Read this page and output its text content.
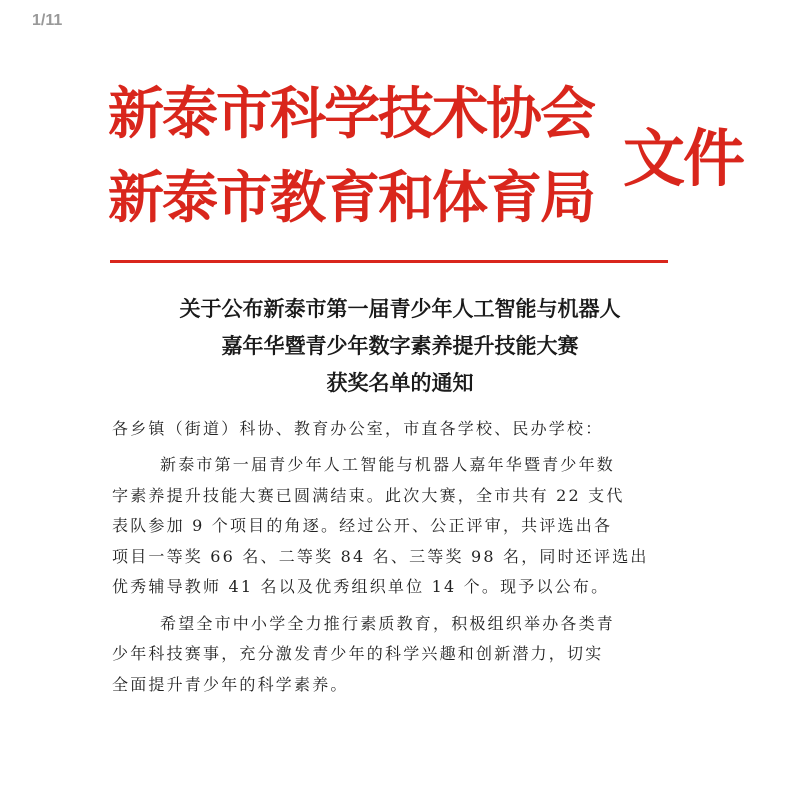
1/11
新泰市科学技术协会
新泰市教育和体育局
文件
关于公布新泰市第一届青少年人工智能与机器人
嘉年华暨青少年数字素养提升技能大赛
获奖名单的通知
各乡镇（街道）科协、教育办公室，市直各学校、民办学校：
新泰市第一届青少年人工智能与机器人嘉年华暨青少年数
字素养提升技能大赛已圆满结束。此次大赛，全市共有 22 支代
表队参加 9 个项目的角逐。经过公开、公正评审，共评选出各
项目一等奖 66 名、二等奖 84 名、三等奖 98 名，同时还评选出
优秀辅导教师 41 名以及优秀组织单位 14 个。现予以公布。
希望全市中小学全力推行素质教育，积极组织举办各类青
少年科技赛事，充分激发青少年的科学兴趣和创新潜力，切实
全面提升青少年的科学素养。
